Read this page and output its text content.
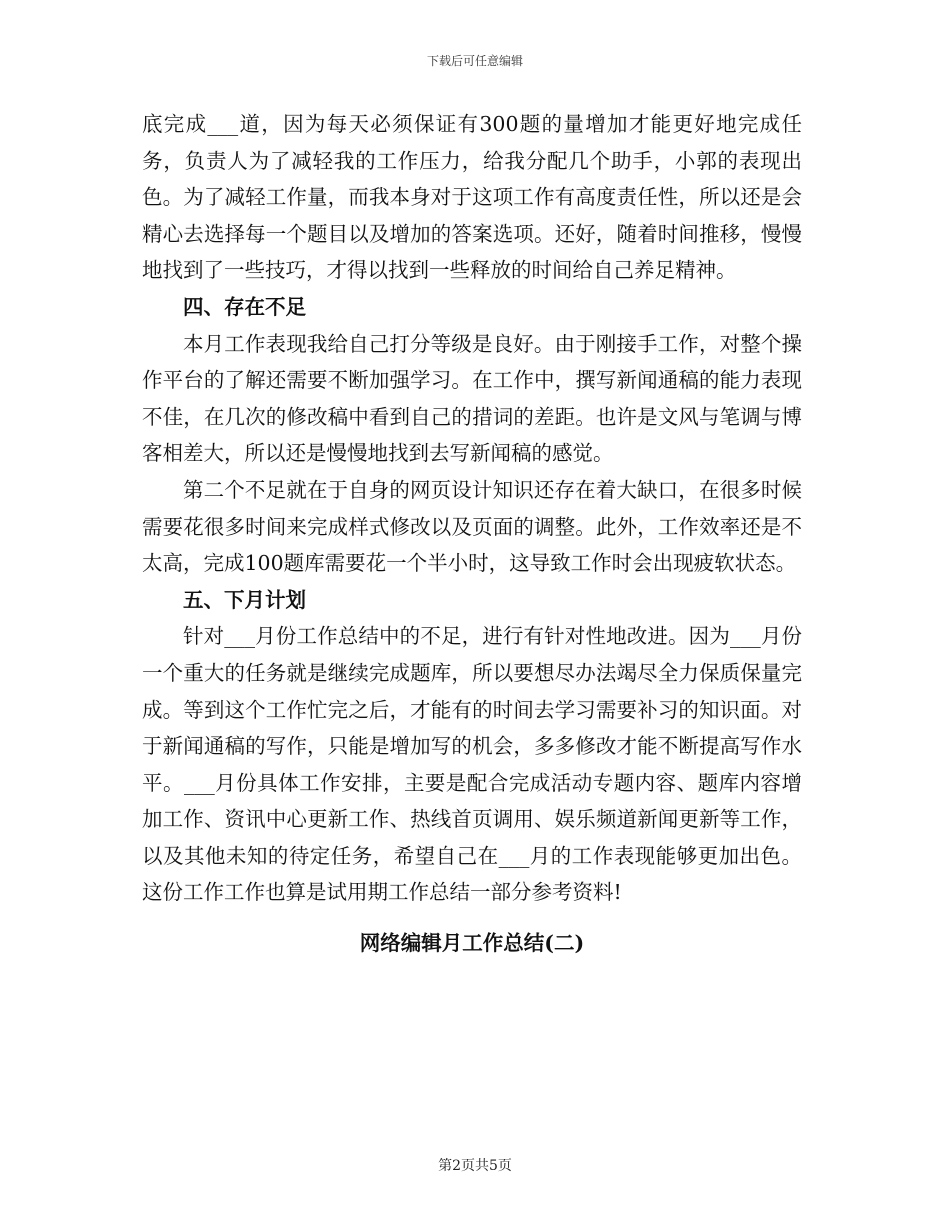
下载后可任意编辑

底完成___道，因为每天必须保证有300题的量增加才能更好地完成任务，负责人为了减轻我的工作压力，给我分配几个助手，小郭的表现出色。为了减轻工作量，而我本身对于这项工作有高度责任性，所以还是会精心去选择每一个题目以及增加的答案选项。还好，随着时间推移，慢慢地找到了一些技巧，才得以找到一些释放的时间给自己养足精神。

四、存在不足

本月工作表现我给自己打分等级是良好。由于刚接手工作，对整个操作平台的了解还需要不断加强学习。在工作中，撰写新闻通稿的能力表现不佳，在几次的修改稿中看到自己的措词的差距。也许是文风与笔调与博客相差大，所以还是慢慢地找到去写新闻稿的感觉。

第二个不足就在于自身的网页设计知识还存在着大缺口，在很多时候需要花很多时间来完成样式修改以及页面的调整。此外，工作效率还是不太高，完成100题库需要花一个半小时，这导致工作时会出现疲软状态。

五、下月计划

针对___月份工作总结中的不足，进行有针对性地改进。因为___月份一个重大的任务就是继续完成题库，所以要想尽办法竭尽全力保质保量完成。等到这个工作忙完之后，才能有的时间去学习需要补习的知识面。对于新闻通稿的写作，只能是增加写的机会，多多修改才能不断提高写作水平。___月份具体工作安排，主要是配合完成活动专题内容、题库内容增加工作、资讯中心更新工作、热线首页调用、娱乐频道新闻更新等工作，以及其他未知的待定任务，希望自己在___月的工作表现能够更加出色。这份工作工作也算是试用期工作总结一部分参考资料!

网络编辑月工作总结(二)

第2页共5页
